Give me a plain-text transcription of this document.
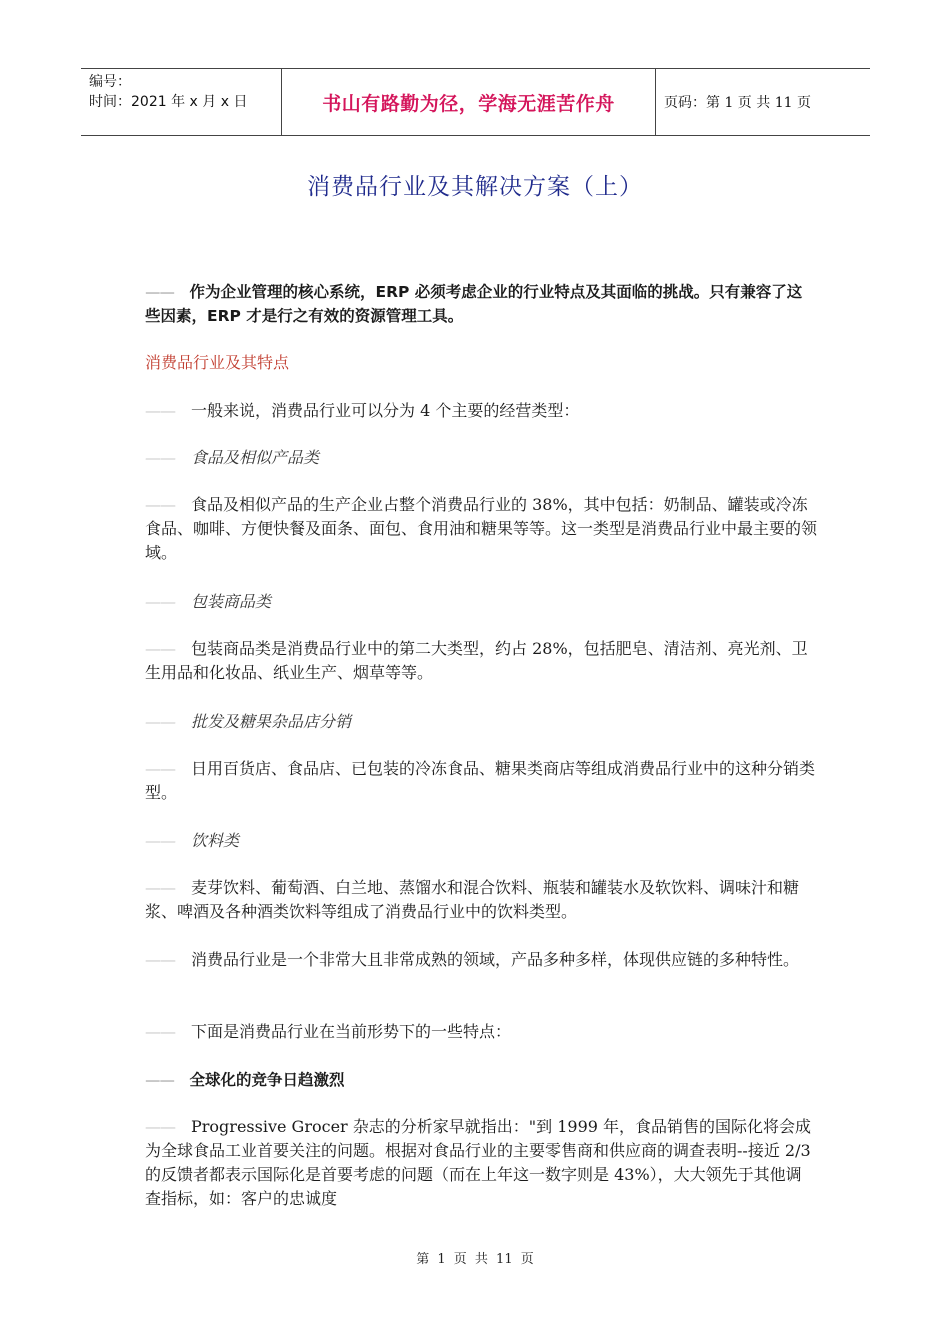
编号：
时间：2021 年 x 月 x 日	书山有路勤为径，学海无涯苦作舟	页码：第 1 页 共 11 页
消费品行业及其解决方案（上）

——  作为企业管理的核心系统，ERP 必须考虑企业的行业特点及其面临的挑战。只有兼容了这些因素，ERP 才是行之有效的资源管理工具。

消费品行业及其特点

——  一般来说，消费品行业可以分为 4 个主要的经营类型：

——  食品及相似产品类

——  食品及相似产品的生产企业占整个消费品行业的 38%，其中包括：奶制品、罐装或冷冻食品、咖啡、方便快餐及面条、面包、食用油和糖果等等。这一类型是消费品行业中最主要的领域。

——  包装商品类

——  包装商品类是消费品行业中的第二大类型，约占 28%，包括肥皂、清洁剂、亮光剂、卫生用品和化妆品、纸业生产、烟草等等。

——  批发及糖果杂品店分销

——  日用百货店、食品店、已包装的冷冻食品、糖果类商店等组成消费品行业中的这种分销类型。

——  饮料类

——  麦芽饮料、葡萄酒、白兰地、蒸馏水和混合饮料、瓶装和罐装水及软饮料、调味汁和糖浆、啤酒及各种酒类饮料等组成了消费品行业中的饮料类型。

——  消费品行业是一个非常大且非常成熟的领域，产品多种多样，体现供应链的多种特性。

——  下面是消费品行业在当前形势下的一些特点：

——  全球化的竞争日趋激烈

——  Progressive Grocer 杂志的分析家早就指出："到 1999 年，食品销售的国际化将会成为全球食品工业首要关注的问题。根据对食品行业的主要零售商和供应商的调查表明--接近 2/3 的反馈者都表示国际化是首要考虑的问题（而在上年这一数字则是 43%），大大领先于其他调查指标，如：客户的忠诚度

第 1 页 共 11 页
